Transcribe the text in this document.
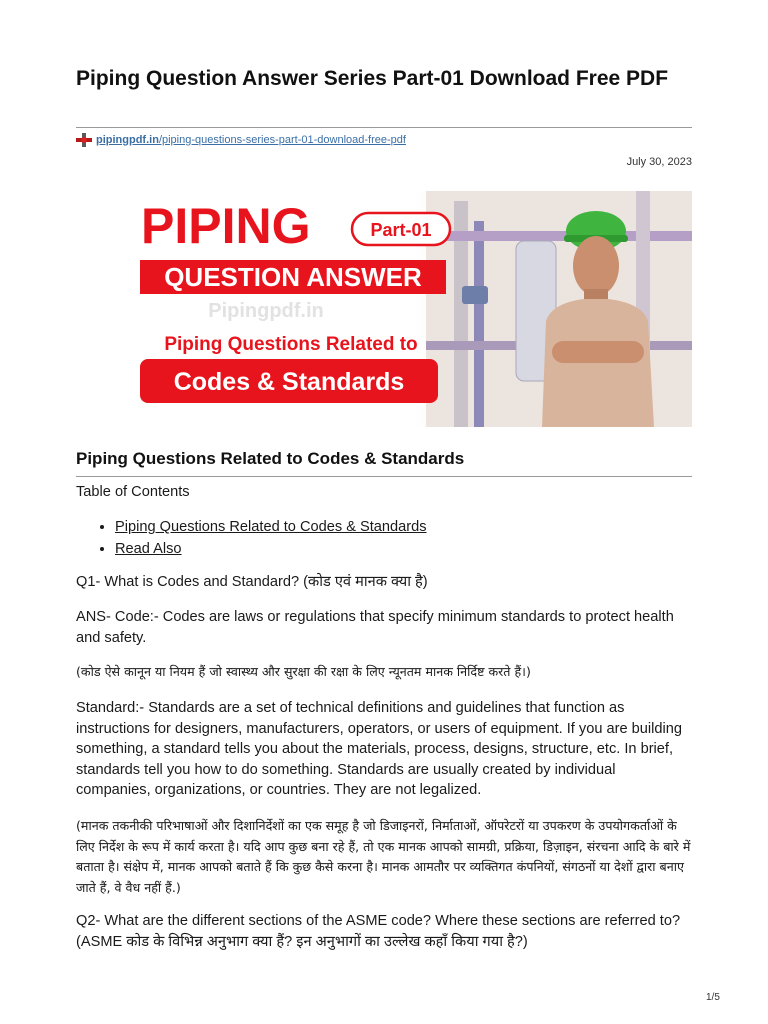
Piping Question Answer Series Part-01 Download Free PDF
pipingpdf.in/piping-questions-series-part-01-download-free-pdf
July 30, 2023
PIPING	Part-01
QUESTION ANSWER
Pipingpdf.in
Piping Questions Related to
Codes & Standards
Piping Questions Related to Codes & Standards

Table of Contents

• Piping Questions Related to Codes & Standards
• Read Also

Q1- What is Codes and Standard? (कोड एवं मानक क्या है)

ANS- Code:- Codes are laws or regulations that specify minimum standards to protect health and safety.

(कोड ऐसे कानून या नियम हैं जो स्वास्थ्य और सुरक्षा की रक्षा के लिए न्यूनतम मानक निर्दिष्ट करते हैं।)

Standard:- Standards are a set of technical definitions and guidelines that function as instructions for designers, manufacturers, operators, or users of equipment. If you are building something, a standard tells you about the materials, process, designs, structure, etc. In brief, standards tell you how to do something. Standards are usually created by individual companies, organizations, or countries. They are not legalized.

(मानक तकनीकी परिभाषाओं और दिशानिर्देशों का एक समूह है जो डिजाइनरों, निर्माताओं, ऑपरेटरों या उपकरण के उपयोगकर्ताओं के लिए निर्देश के रूप में कार्य करता है। यदि आप कुछ बना रहे हैं, तो एक मानक आपको सामग्री, प्रक्रिया, डिज़ाइन, संरचना आदि के बारे में बताता है। संक्षेप में, मानक आपको बताते हैं कि कुछ कैसे करना है। मानक आमतौर पर व्यक्तिगत कंपनियों, संगठनों या देशों द्वारा बनाए जाते हैं, वे वैध नहीं हैं.)

Q2- What are the different sections of the ASME code? Where these sections are referred to? (ASME कोड के विभिन्न अनुभाग क्या हैं? इन अनुभागों का उल्लेख कहाँ किया गया है?)

1/5
